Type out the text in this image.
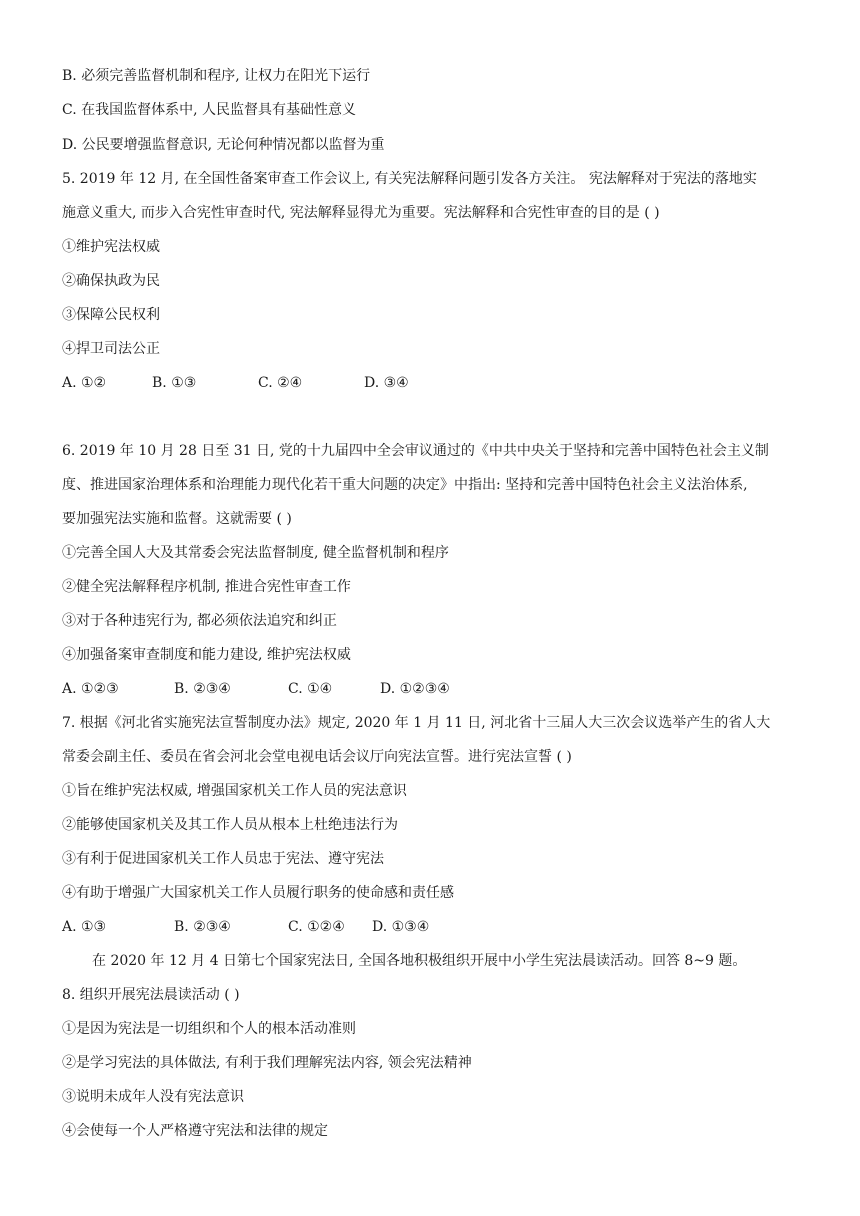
B. 必须完善监督机制和程序, 让权力在阳光下运行
C. 在我国监督体系中, 人民监督具有基础性意义
D. 公民要增强监督意识, 无论何种情况都以监督为重
5. 2019 年 12 月, 在全国性备案审查工作会议上, 有关宪法解释问题引发各方关注。 宪法解释对于宪法的落地实
施意义重大, 而步入合宪性审查时代, 宪法解释显得尤为重要。宪法解释和合宪性审查的目的是 ( )
①维护宪法权威
②确保执政为民
③保障公民权利
④捍卫司法公正
A. ①②	B. ①③	C. ②④	D. ③④
6. 2019 年 10 月 28 日至 31 日, 党的十九届四中全会审议通过的《中共中央关于坚持和完善中国特色社会主义制
度、推进国家治理体系和治理能力现代化若干重大问题的决定》中指出: 坚持和完善中国特色社会主义法治体系,
要加强宪法实施和监督。这就需要 ( )
①完善全国人大及其常委会宪法监督制度, 健全监督机制和程序
②健全宪法解释程序机制, 推进合宪性审查工作
③对于各种违宪行为, 都必须依法追究和纠正
④加强备案审查制度和能力建设, 维护宪法权威
A. ①②③	B. ②③④	C. ①④	D. ①②③④
7. 根据《河北省实施宪法宣誓制度办法》规定, 2020 年 1 月 11 日, 河北省十三届人大三次会议选举产生的省人大
常委会副主任、委员在省会河北会堂电视电话会议厅向宪法宣誓。进行宪法宣誓 ( )
①旨在维护宪法权威, 增强国家机关工作人员的宪法意识
②能够使国家机关及其工作人员从根本上杜绝违法行为
③有利于促进国家机关工作人员忠于宪法、遵守宪法
④有助于增强广大国家机关工作人员履行职务的使命感和责任感
A. ①③	B. ②③④	C. ①②④ D. ①③④
在 2020 年 12 月 4 日第七个国家宪法日, 全国各地积极组织开展中小学生宪法晨读活动。回答 8~9 题。
8. 组织开展宪法晨读活动 ( )
①是因为宪法是一切组织和个人的根本活动准则
②是学习宪法的具体做法, 有利于我们理解宪法内容, 领会宪法精神
③说明未成年人没有宪法意识
④会使每一个人严格遵守宪法和法律的规定
